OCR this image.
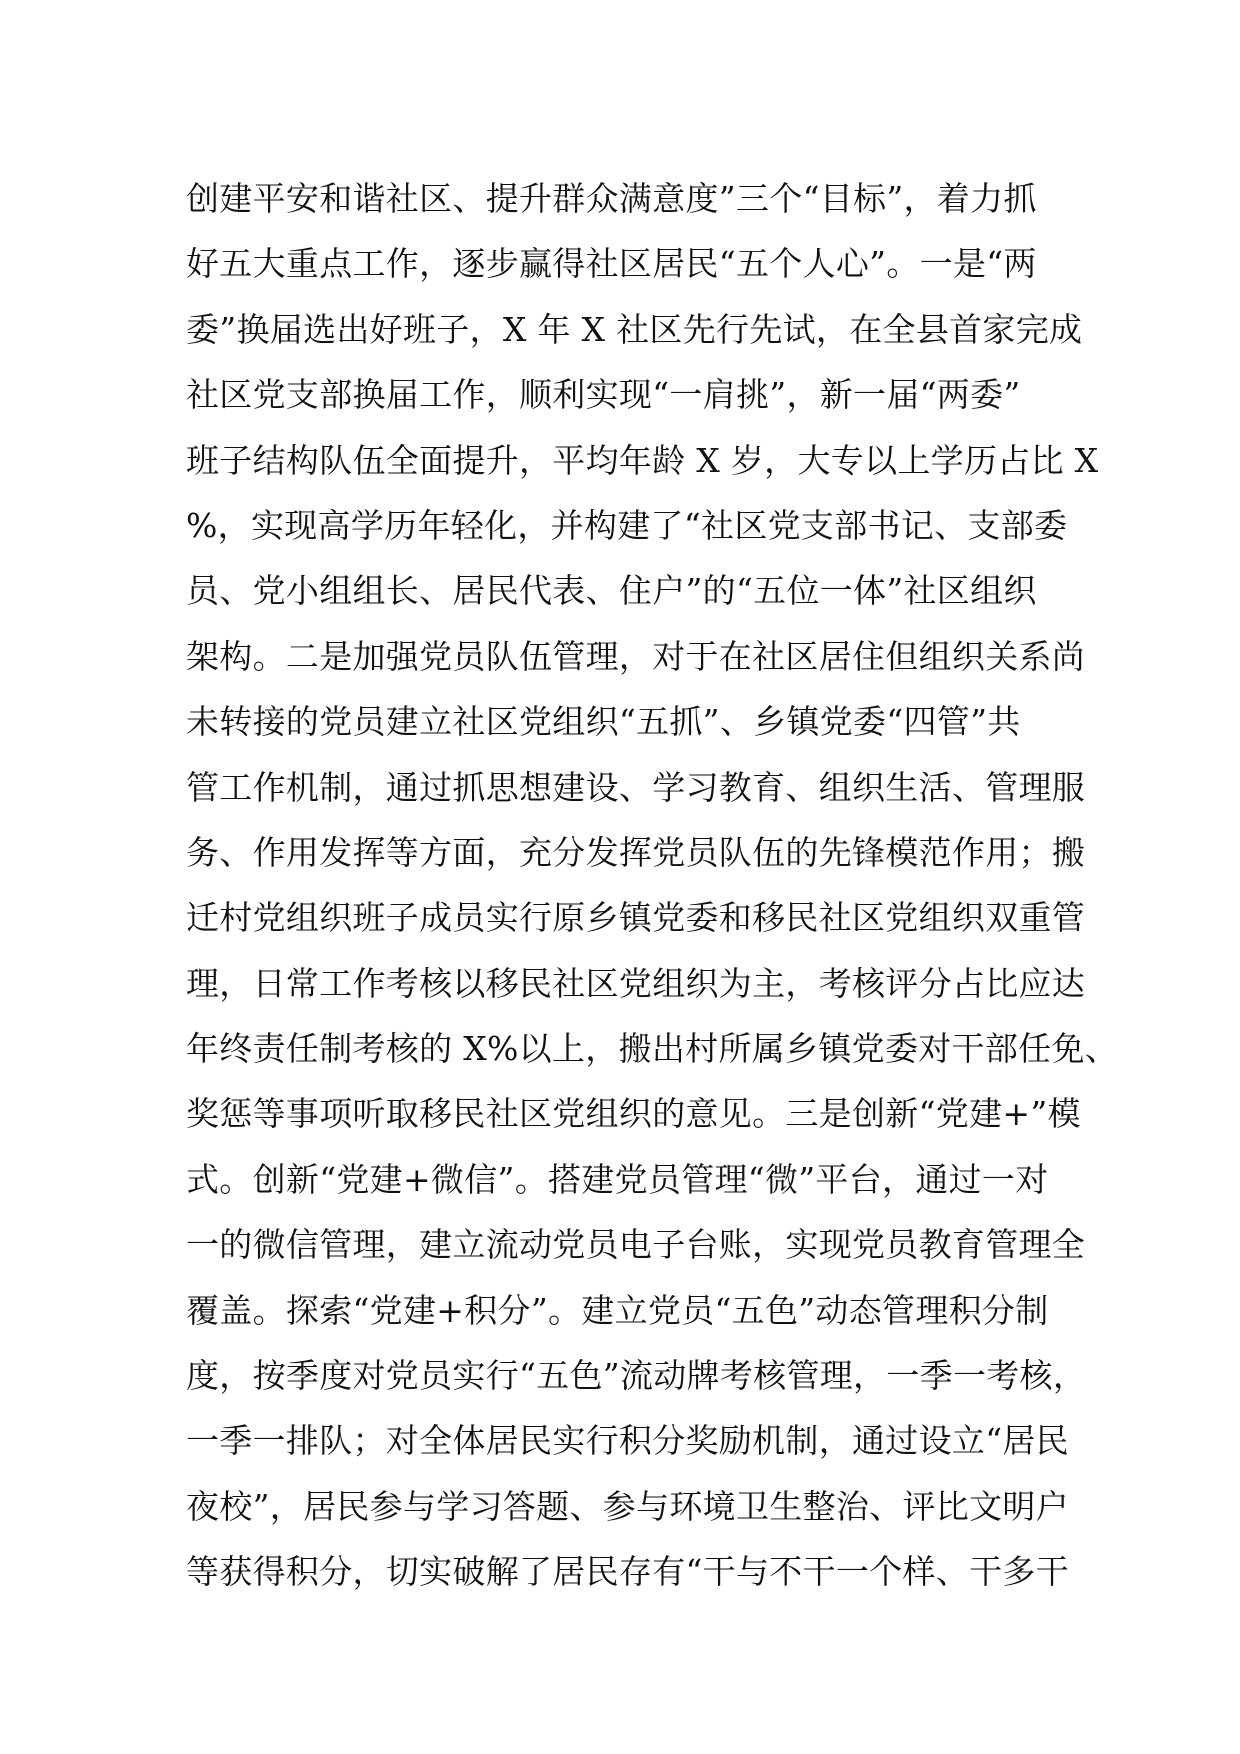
创建平安和谐社区、提升群众满意度”三个“目标”，着力抓
好五大重点工作，逐步赢得社区居民“五个人心”。一是“两
委”换届选出好班子，X 年 X 社区先行先试，在全县首家完成
社区党支部换届工作，顺利实现“一肩挑”，新一届“两委”
班子结构队伍全面提升，平均年龄 X 岁，大专以上学历占比 X
%，实现高学历年轻化，并构建了“社区党支部书记、支部委
员、党小组组长、居民代表、住户”的“五位一体”社区组织
架构。二是加强党员队伍管理，对于在社区居住但组织关系尚
未转接的党员建立社区党组织“五抓”、乡镇党委“四管”共
管工作机制，通过抓思想建设、学习教育、组织生活、管理服
务、作用发挥等方面，充分发挥党员队伍的先锋模范作用；搬
迁村党组织班子成员实行原乡镇党委和移民社区党组织双重管
理，日常工作考核以移民社区党组织为主，考核评分占比应达
年终责任制考核的 X%以上，搬出村所属乡镇党委对干部任免、
奖惩等事项听取移民社区党组织的意见。三是创新“党建+”模
式。创新“党建+微信”。搭建党员管理“微”平台，通过一对
一的微信管理，建立流动党员电子台账，实现党员教育管理全
覆盖。探索“党建+积分”。建立党员“五色”动态管理积分制
度，按季度对党员实行“五色”流动牌考核管理，一季一考核，
一季一排队；对全体居民实行积分奖励机制，通过设立“居民
夜校”，居民参与学习答题、参与环境卫生整治、评比文明户
等获得积分，切实破解了居民存有“干与不干一个样、干多干
